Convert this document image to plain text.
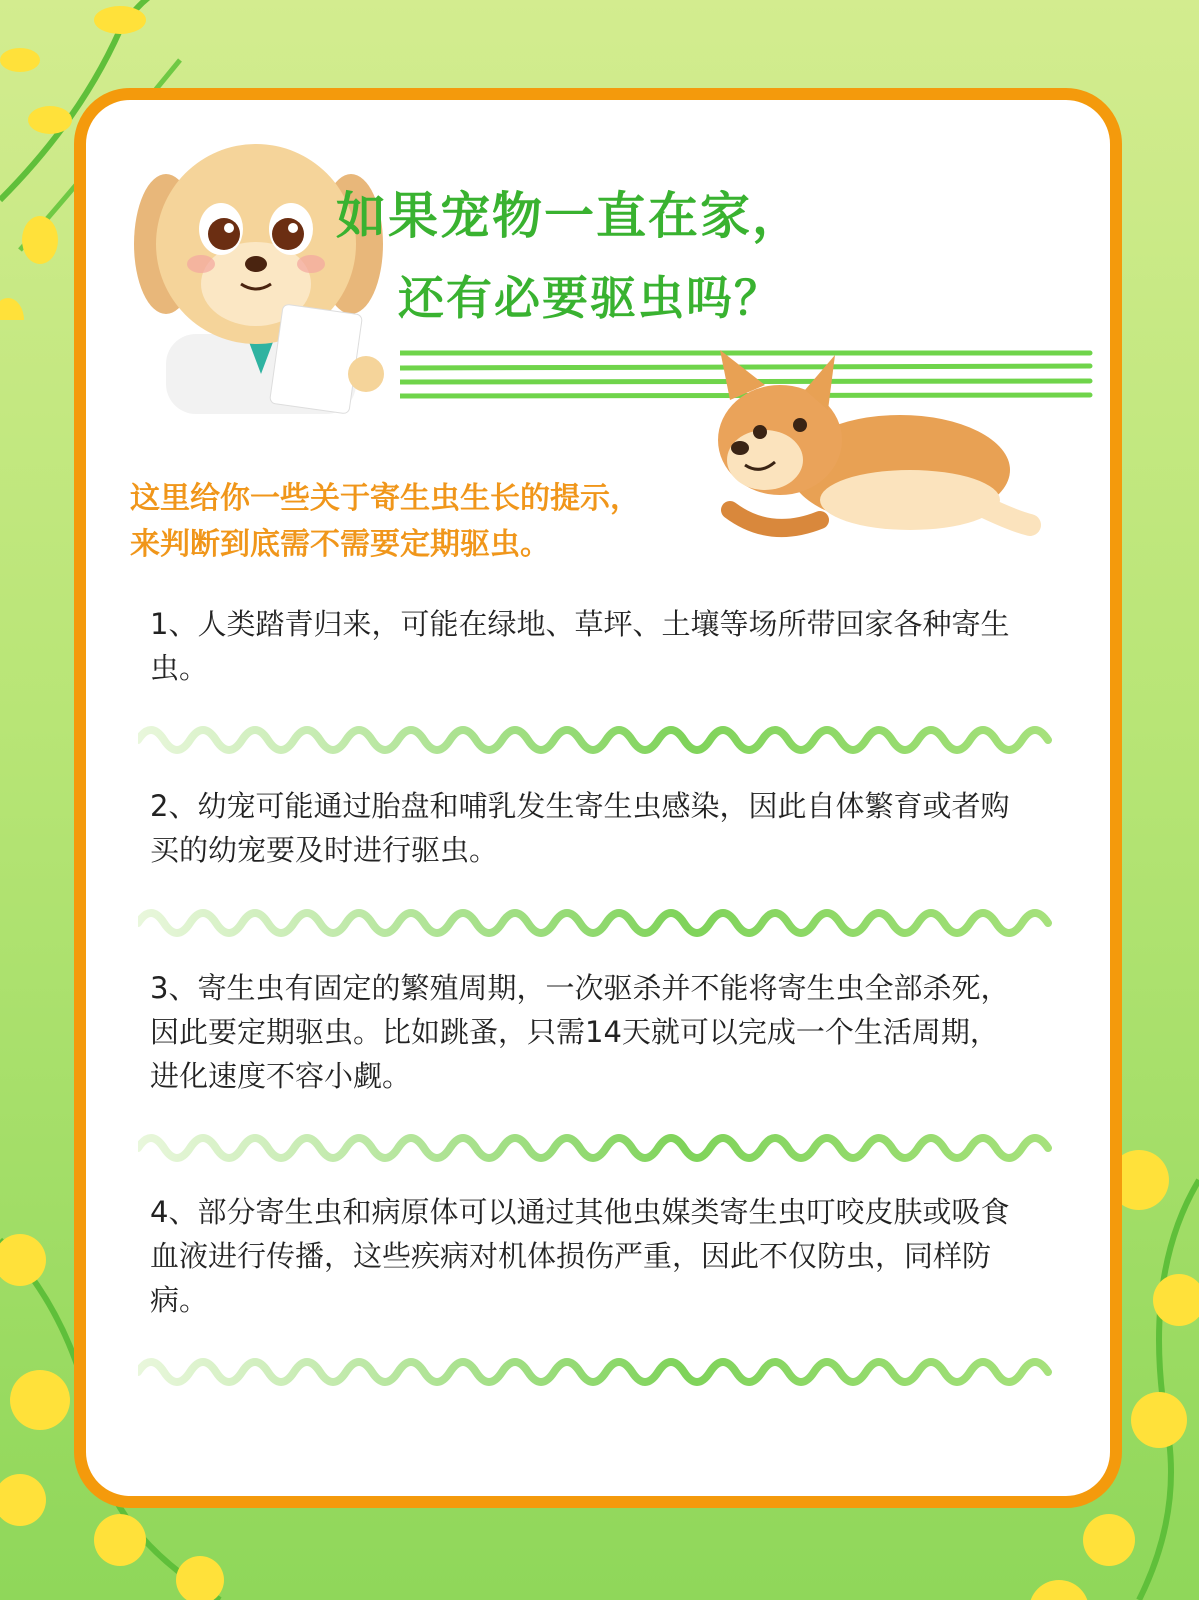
如果宠物一直在家，
还有必要驱虫吗？
这里给你一些关于寄生虫生长的提示，
来判断到底需不需要定期驱虫。
1、人类踏青归来，可能在绿地、草坪、土壤等场所带回家各种寄生虫。
2、幼宠可能通过胎盘和哺乳发生寄生虫感染，因此自体繁育或者购买的幼宠要及时进行驱虫。
3、寄生虫有固定的繁殖周期，一次驱杀并不能将寄生虫全部杀死，因此要定期驱虫。比如跳蚤，只需14天就可以完成一个生活周期，进化速度不容小觑。
4、部分寄生虫和病原体可以通过其他虫媒类寄生虫叮咬皮肤或吸食血液进行传播，这些疾病对机体损伤严重，因此不仅防虫，同样防病。
